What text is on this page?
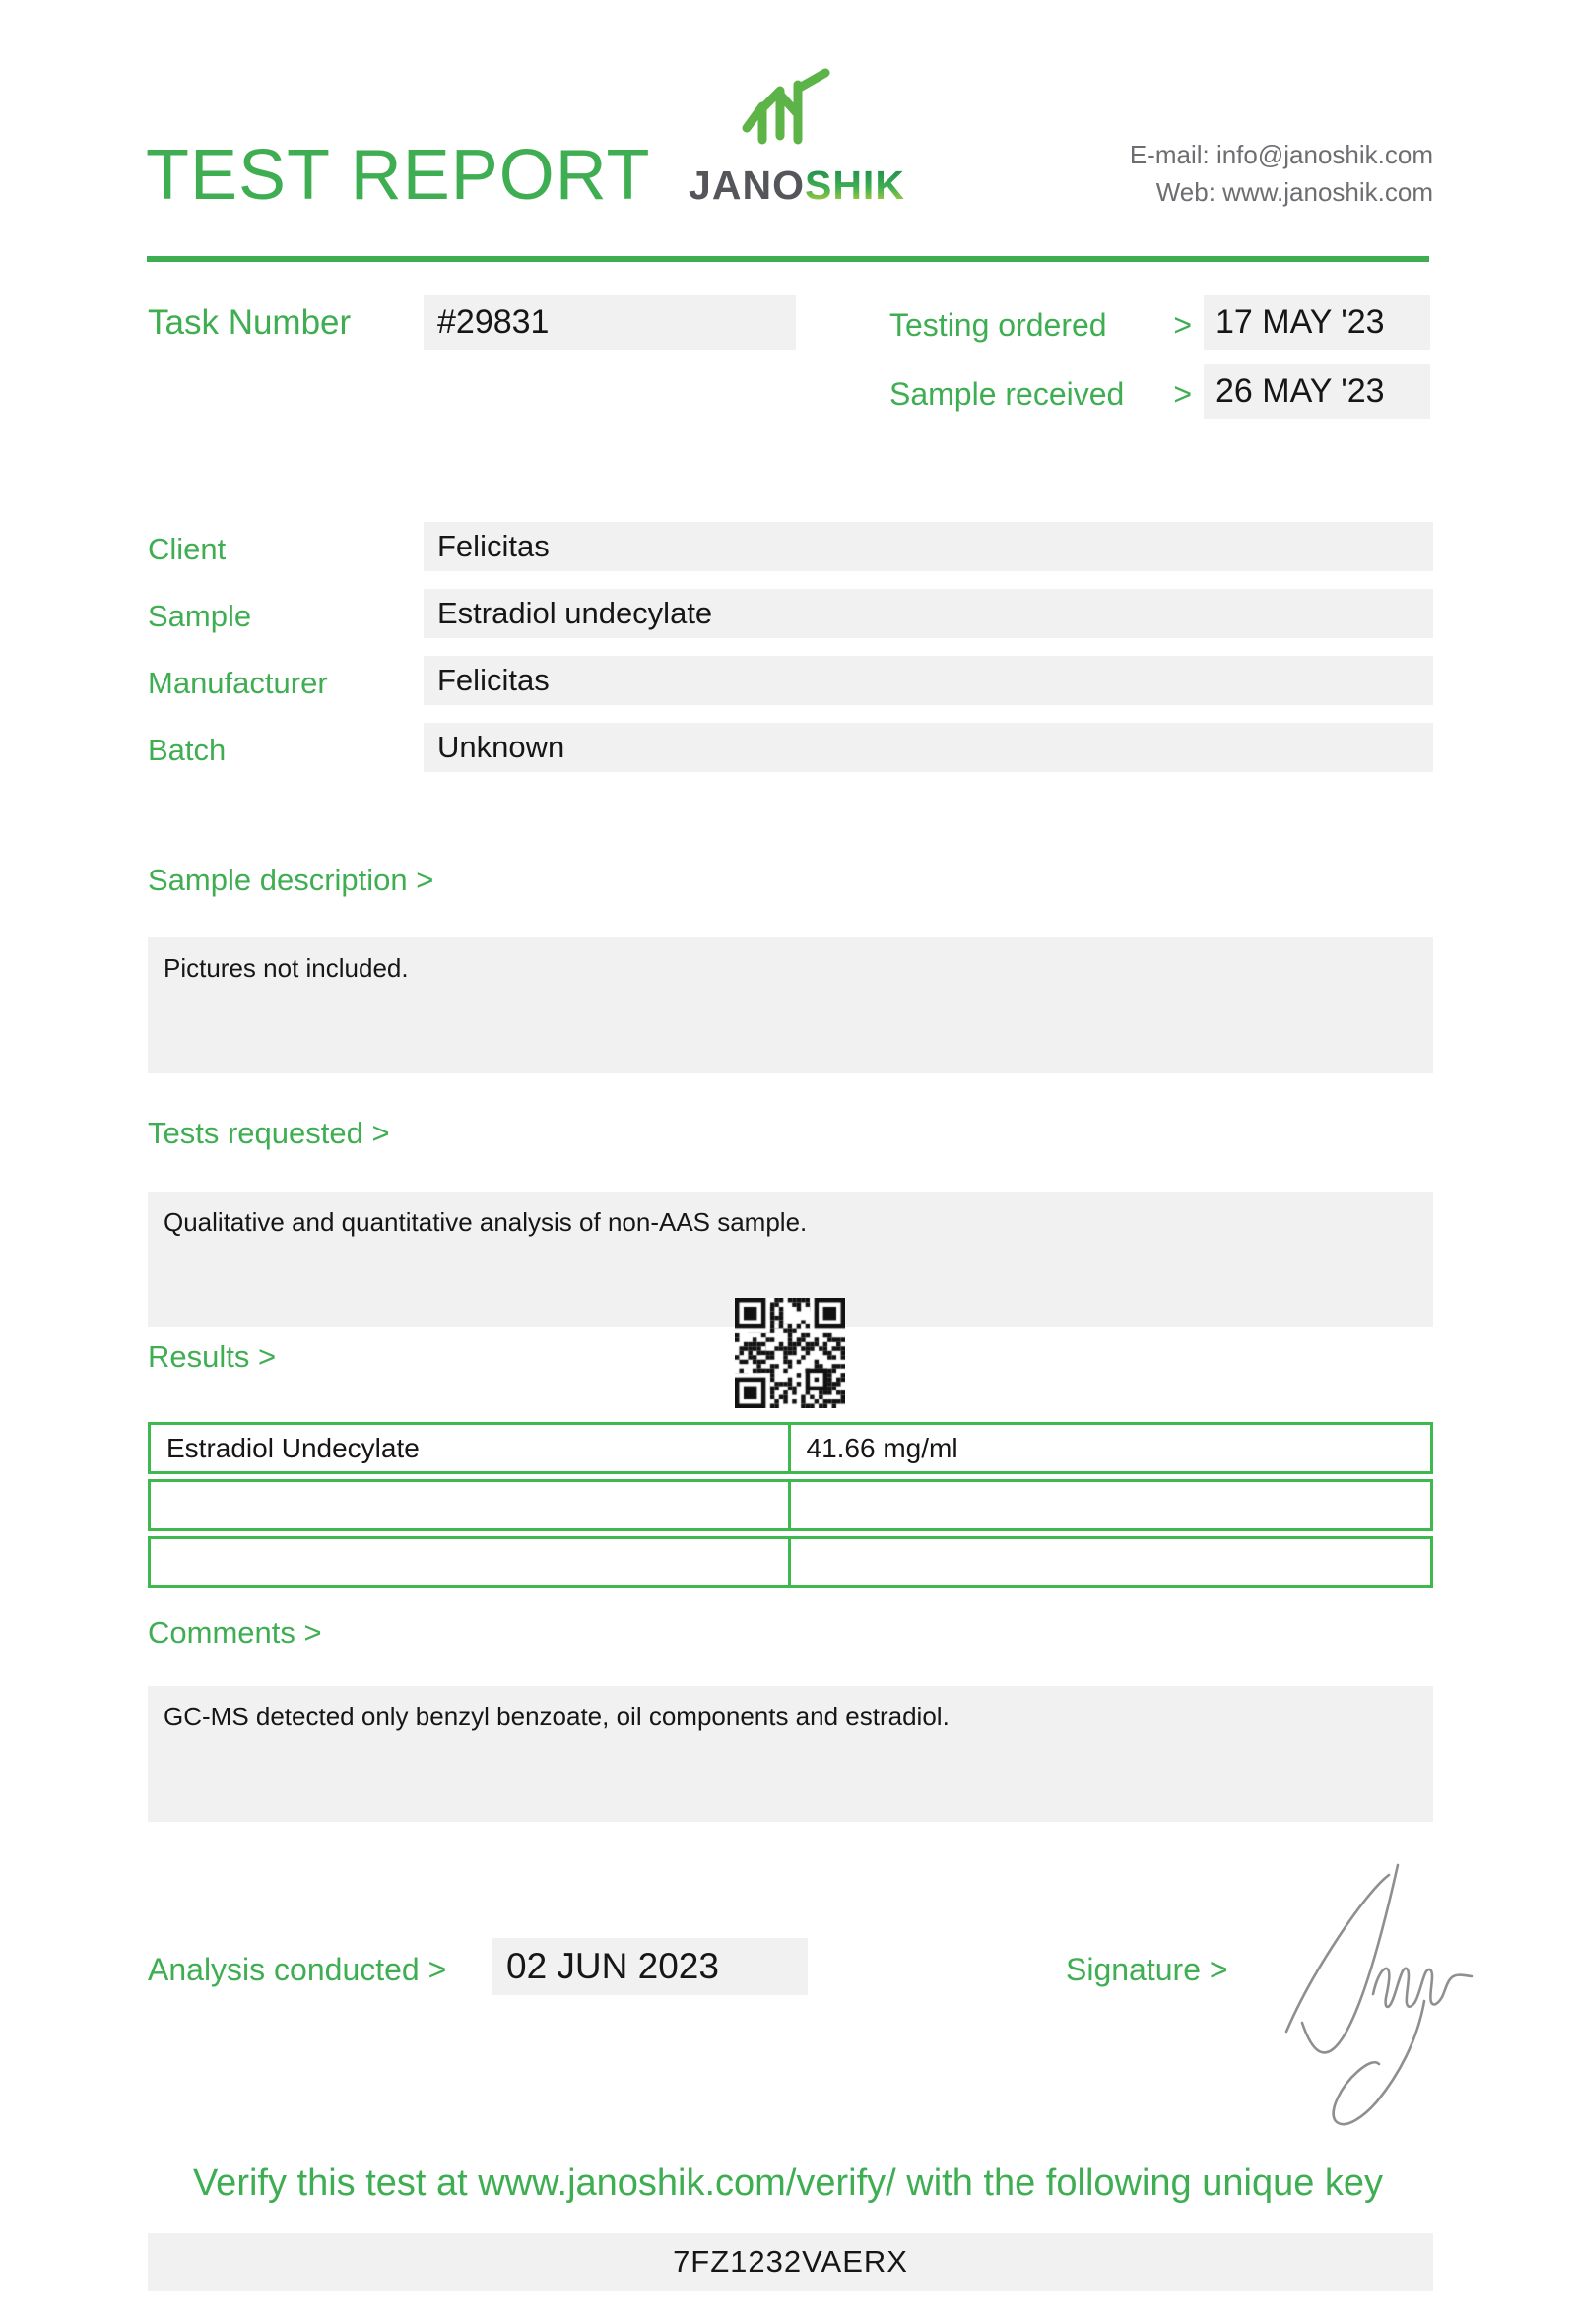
TEST REPORT JANOSHIK
E-mail: info@janoshik.com
Web: www.janoshik.com
Task Number	#29831	Testing ordered > 17 MAY '23
Sample received > 26 MAY '23
Client	Felicitas
Sample	Estradiol undecylate
Manufacturer	Felicitas
Batch	Unknown
Sample description >
Pictures not included.
Tests requested >
Qualitative and quantitative analysis of non-AAS sample.
Results >
Estradiol Undecylate	41.66 mg/ml
Comments >
GC-MS detected only benzyl benzoate, oil components and estradiol.
Analysis conducted >	02 JUN 2023	Signature >
Verify this test at www.janoshik.com/verify/ with the following unique key
7FZ1232VAERX
